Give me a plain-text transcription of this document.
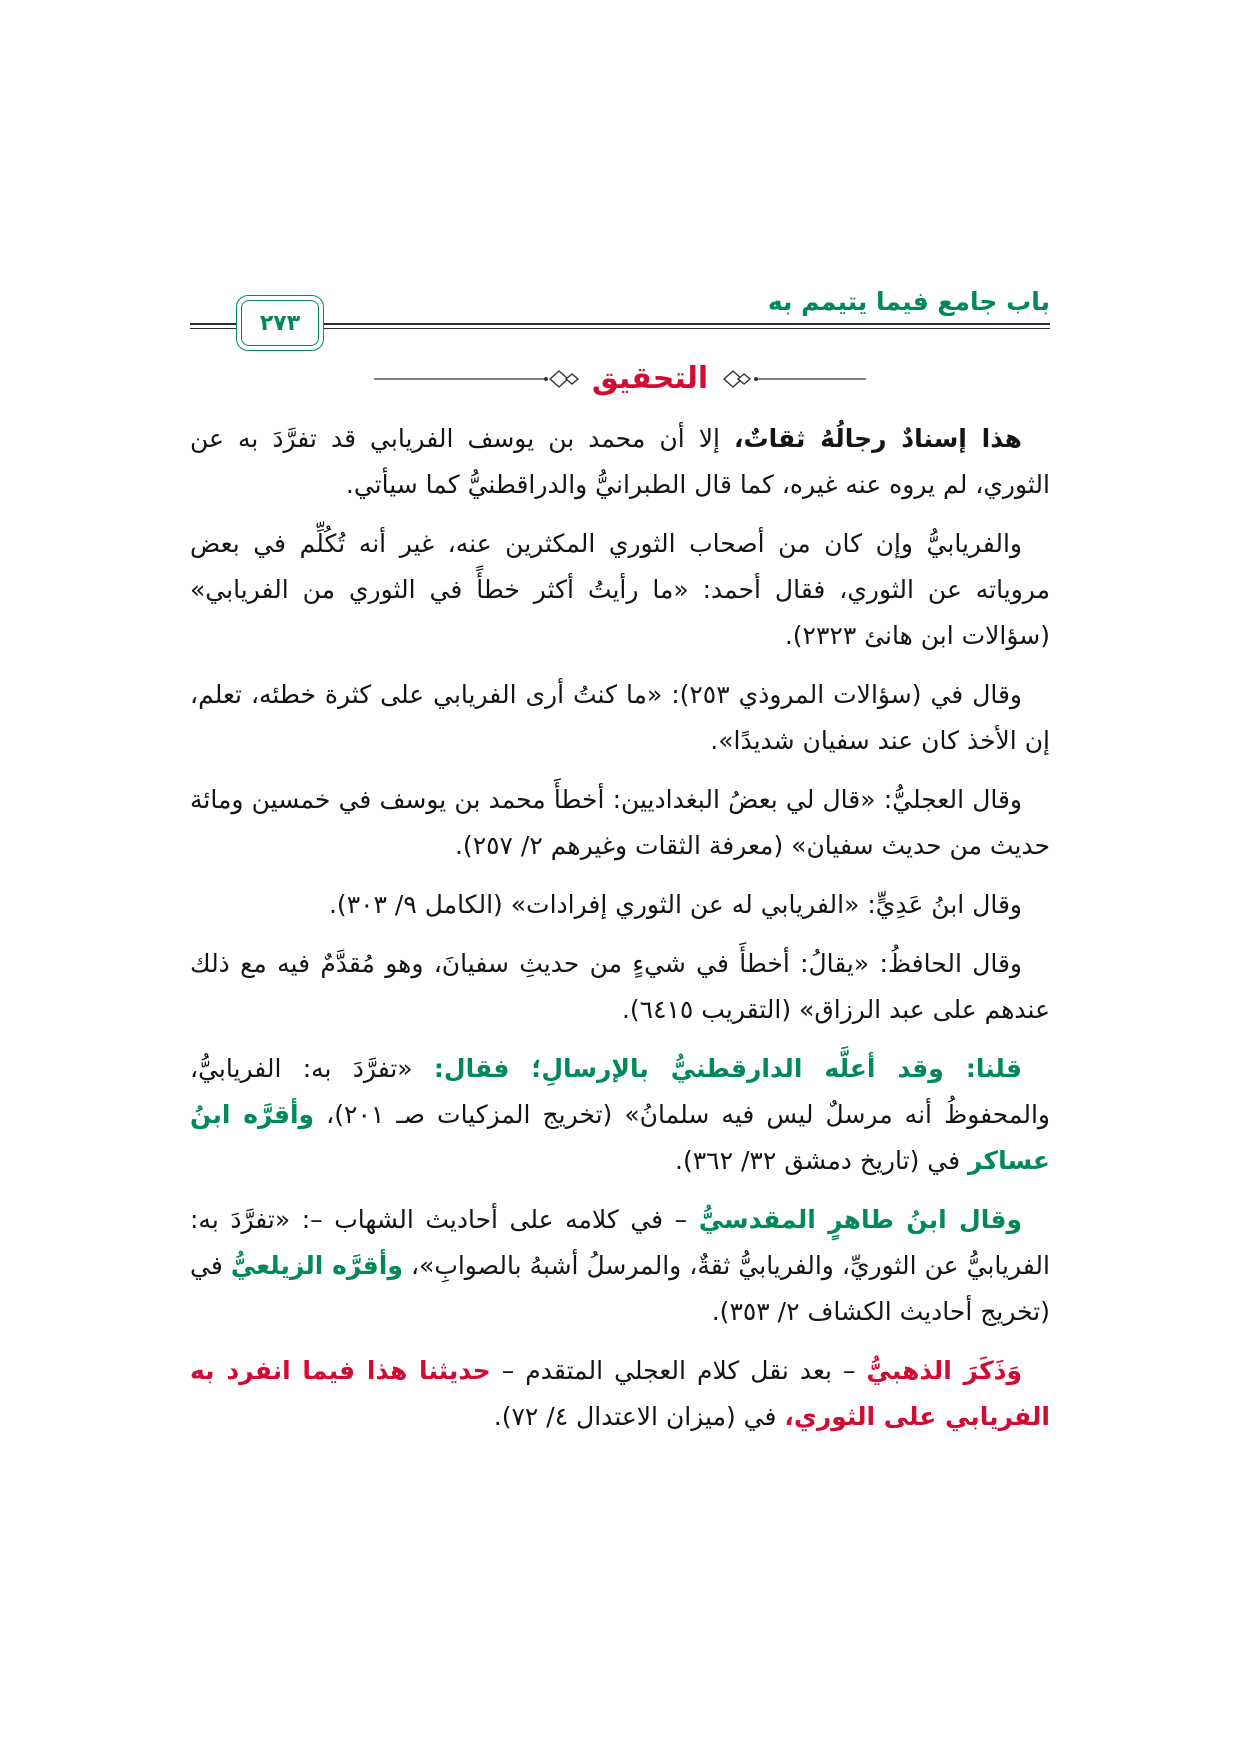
باب جامع فيما يتيمم به
٢٧٣
التحقيق

هذا إسنادٌ رجالُهُ ثقاتٌ، إلا أن محمد بن يوسف الفريابي قد تفرَّدَ به عن الثوري، لم يروه عنه غيره، كما قال الطبرانيُّ والدراقطنيُّ كما سيأتي.

والفريابيُّ وإن كان من أصحاب الثوري المكثرين عنه، غير أنه تُكُلِّم في بعض مروياته عن الثوري، فقال أحمد: «ما رأيتُ أكثر خطأً في الثوري من الفريابي» (سؤالات ابن هانئ ٢٣٢٣).

وقال في (سؤالات المروذي ٢٥٣): «ما كنتُ أرى الفريابي على كثرة خطئه، تعلم، إن الأخذ كان عند سفيان شديدًا».

وقال العجليُّ: «قال لي بعضُ البغداديين: أخطأَ محمد بن يوسف في خمسين ومائة حديث من حديث سفيان» (معرفة الثقات وغيرهم ٢/ ٢٥٧).

وقال ابنُ عَدِيٍّ: «الفريابي له عن الثوري إفرادات» (الكامل ٩/ ٣٠٣).

وقال الحافظُ: «يقالُ: أخطأَ في شيءٍ من حديثِ سفيانَ، وهو مُقدَّمٌ فيه مع ذلك عندهم على عبد الرزاق» (التقريب ٦٤١٥).

قلنا: وقد أعلَّه الدارقطنيُّ بالإرسالِ؛ فقال: «تفرَّدَ به: الفريابيُّ، والمحفوظُ أنه مرسلٌ ليس فيه سلمانُ» (تخريج المزكيات صـ ٢٠١)، وأقرَّه ابنُ عساكر في (تاريخ دمشق ٣٢/ ٣٦٢).

وقال ابنُ طاهرٍ المقدسيُّ – في كلامه على أحاديث الشهاب –: «تفرَّدَ به: الفريابيُّ عن الثوريِّ، والفريابيُّ ثقةٌ، والمرسلُ أشبهُ بالصوابِ»، وأقرَّه الزيلعيُّ في (تخريج أحاديث الكشاف ٢/ ٣٥٣).

وَذَكَرَ الذهبيُّ – بعد نقل كلام العجلي المتقدم – حديثنا هذا فيما انفرد به الفريابي على الثوري، في (ميزان الاعتدال ٤/ ٧٢).
